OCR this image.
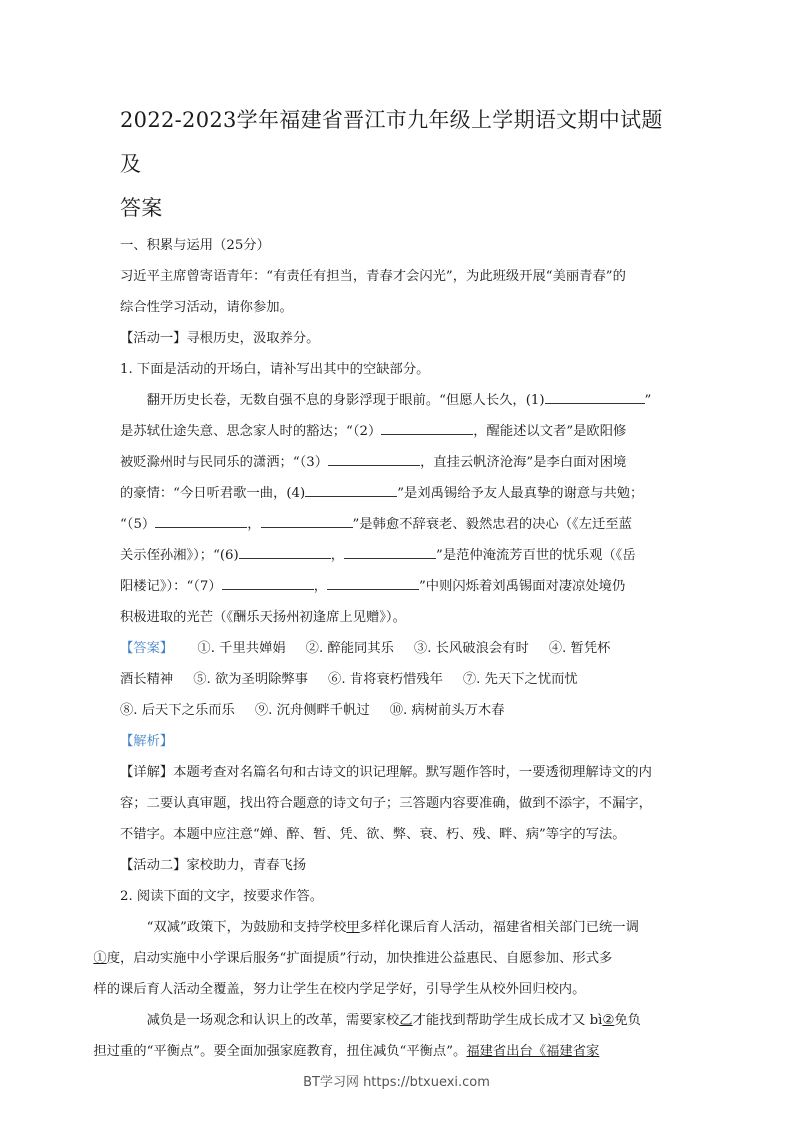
2022-2023学年福建省晋江市九年级上学期语文期中试题及
答案

一、积累与运用（25分）

习近平主席曾寄语青年：“有责任有担当，青春才会闪光”，为此班级开展“美丽青春”的
综合性学习活动，请你参加。

【活动一】寻根历史，汲取养分。

1. 下面是活动的开场白，请补写出其中的空缺部分。

翻开历史长卷，无数自强不息的身影浮现于眼前。“但愿人长久，(1)	”
是苏轼仕途失意、思念家人时的豁达；“（2）	，醒能述以文者”是欧阳修
被贬滁州时与民同乐的潇洒；“（3）	，直挂云帆济沧海”是李白面对困境
的豪情：“今日听君歌一曲，(4)	”是刘禹锡给予友人最真挚的谢意与共勉；
“（5）	，	”是韩愈不辞衰老、毅然忠君的决心（《左迁至蓝
关示侄孙湘》）；“(6)	，	”是范仲淹流芳百世的忧乐观（《岳
阳楼记》）：“（7）	，	”中则闪烁着刘禹锡面对凄凉处境仍
积极进取的光芒（《酬乐天扬州初逢席上见赠》）。

【答案】 ①. 千里共婵娟 ②. 醉能同其乐 ③. 长风破浪会有时 ④. 暂凭杯
酒长精神 ⑤. 欲为圣明除弊事 ⑥. 肯将衰朽惜残年 ⑦. 先天下之忧而忧
⑧. 后天下之乐而乐 ⑨. 沉舟侧畔千帆过 ⑩. 病树前头万木春

【解析】

【详解】本题考查对名篇名句和古诗文的识记理解。默写题作答时，一要透彻理解诗文的内
容；二要认真审题，找出符合题意的诗文句子；三答题内容要准确，做到不添字，不漏字，
不错字。本题中应注意“婵、醉、暂、凭、欲、弊、衰、朽、残、畔、病”等字的写法。

【活动二】家校助力，青春飞扬

2. 阅读下面的文字，按要求作答。

“双减”政策下，为鼓励和支持学校甲多样化课后育人活动，福建省相关部门已统一调
①度，启动实施中小学课后服务“扩面提质”行动，加快推进公益惠民、自愿参加、形式多
样的课后育人活动全覆盖，努力让学生在校内学足学好，引导学生从校外回归校内。

减负是一场观念和认识上的改革，需要家校乙才能找到帮助学生成长成才又 bì②免负
担过重的“平衡点”。要全面加强家庭教育，扭住减负“平衡点”。福建省出台《福建省家

BT学习网 https://btxuexi.com
